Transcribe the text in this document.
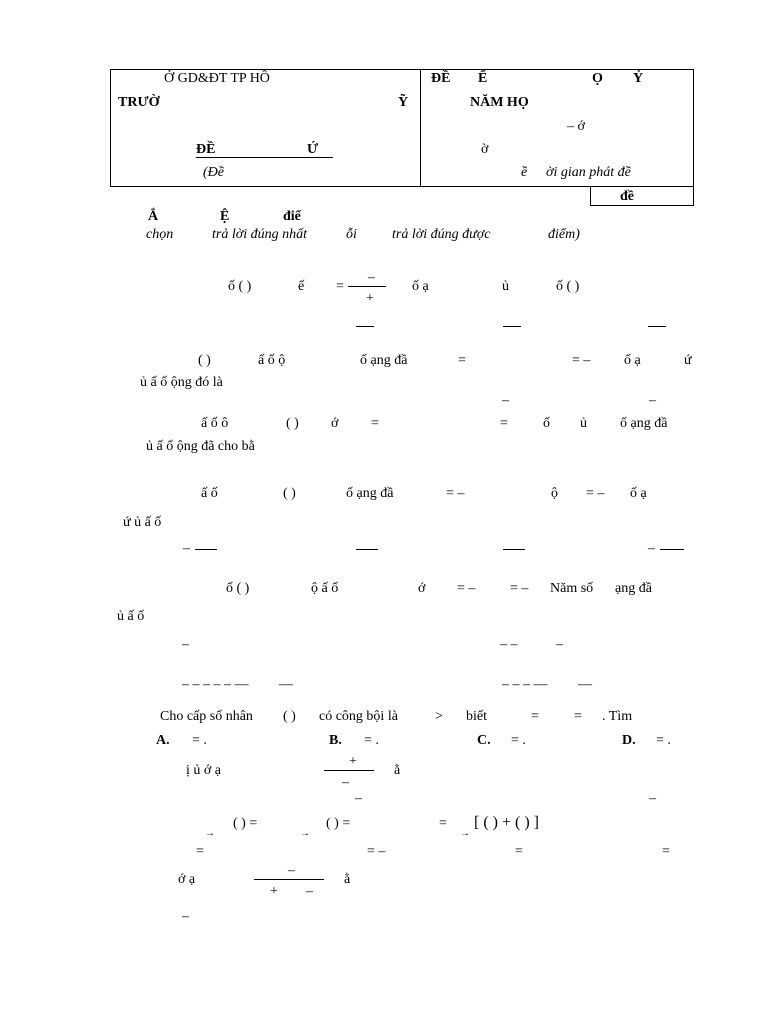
Ở GD&ĐT TP HỒ
TRƯỜ	Ỹ
ĐỀ	Ứ
(Đề
ĐỀ Ế	Ọ Ỷ
NĂM HỌ
– ớ
ờ
ề ời gian phát đề
đề
Ắ	Ệ	điể
chọn	trả lời đúng nhất	ỗi	trả lời đúng được	điểm)
ố ( )	ế =
–
+
ố ạ	ủ	ố ( )
( )	ấ ố ộ	ố ạng đầ	=	= – ố ạ	ứ
ủ ấ ố ộng đó là
–	–
ấ ố ô	( ) ớ =	=	ố ủ ố ạng đầ
ủ ấ ố ộng đã cho bằ
ấ ố	( )	ố ạng đầ	= –	ộ = – ố ạ
ứ ủ ấ ố
–	–
ố ( )	ộ ấ ố	ớ = – = – Năm số ạng đầ
ủ ấ ố
–	– –	–
– – – – – — —	– – – — —
Cho cấp số nhân ( ) có công bội là	> biết	=	= . Tìm
A. = .	B. = .	C. = .	D. = .
ị ủ ớ ạ
+
–
ằ
–	–
→
( ) =
→
( ) =	=
→
[ ( ) + ( ) ]
=	= –	=	=
ớ ạ
–
+ –
ằ
–
